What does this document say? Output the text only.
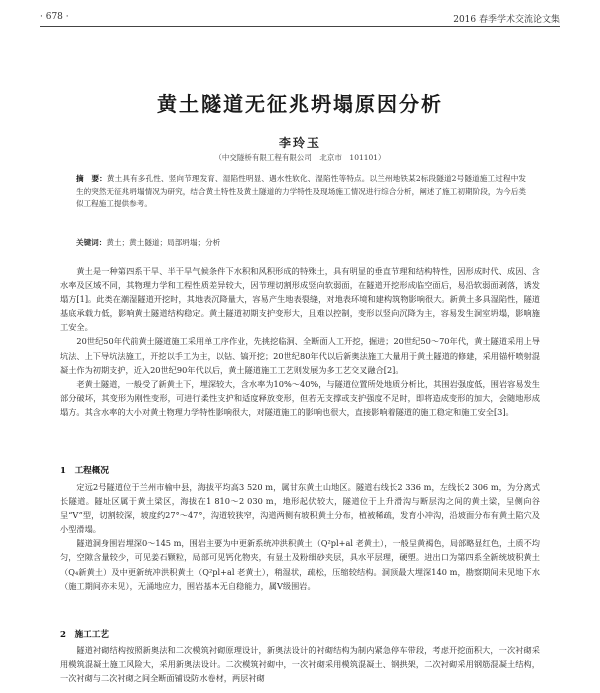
· 678 ·	2016 春季学术交流论文集
黄土隧道无征兆坍塌原因分析
李玲玉
（中交隧桥有限工程有限公司　北京市　101101）
摘　要：黄土具有多孔性、竖向节理发育、湿陷性明显、遇水性软化、湿陷性等特点。以兰州地铁某2标段隧道2号隧道施工过程中发生的突然无征兆坍塌情况为研究，结合黄土特性及黄土隧道的力学特性及现场施工情况进行综合分析，阐述了施工初期阶段，为今后类似工程施工提供参考。
关键词：黄土；黄土隧道；局部坍塌；分析

黄土是一种第四系干旱、半干旱气候条件下水积和风积形成的特殊土，具有明显的垂直节理和结构特性，因形成时代、成因、含水率及区域不同，其物理力学和工程性质差异较大，因节理切割形成竖向软弱面，在隧道开挖形成临空面后，易沿软弱面剥落，诱发塌方[1]。此类在潮湿隧道开挖时，其地表沉降量大，容易产生地表裂缝，对地表环境和建构筑物影响很大。新黄土多具湿陷性，隧道基底承载力低，影响黄土隧道结构稳定。黄土隧道初期支护变形大，且难以控制，变形以竖向沉降为主，容易发生洞室坍塌，影响施工安全。

20世纪50年代前黄土隧道施工采用单工序作业，先挑挖临洞、全断面人工开挖，掘进；20世纪50～70年代，黄土隧道采用上导坑法、上下导坑法施工，开挖以手工为主，以钻、镐开挖；20世纪80年代以后新奥法施工大量用于黄土隧道的修建，采用锚杆喷射混凝土作为初期支护，近入20世纪90年代以后，黄土隧道施工工艺则发展为多工艺交叉融合[2]。

老黄土隧道，一般受了新黄土下，埋深较大，含水率为10%～40%，与隧道位置所处地质分析比，其围岩强度低，围岩容易发生部分破坏，其变形为刚性变形，可进行柔性支护和适度释放变形，但若无支撑或支护强度不足时，即将造成变形的加大，会随地形成塌方。其含水率的大小对黄土物理力学特性影响很大，对隧道施工的影响也很大，直接影响着隧道的施工稳定和施工安全[3]。

1　工程概况

定远2号隧道位于兰州市榆中县，海拔平均高3 520 m，属甘东黄土山地区。隧道右线长2 336 m，左线长2 306 m，为分离式长隧道。隧址区属于黄土梁区，海拔在1 810～2 030 m，地形起伏较大，隧道位于上升滑沟与断层沟之间的黄土梁，呈侧向谷呈“V”型，切割较深，坡度约27°～47°，沟道较狭窄，沟道两侧有坡积黄土分布，植被稀疏，发育小冲沟，沿坡面分布有黄土陷穴及小型滑塌。

隧道洞身围岩埋深0～145 m，围岩主要为中更新系统冲洪积黄土（Q²pl+al 老黄土），一般呈黄褐色，局部略显红色，土质不均匀，空隙含量较少，可见姜石颗粒，局部可见钙化物夹，有显土及粉细砂夹层，具水平层理，硬塑。进出口为第四系全新统坡积黄土（Q₄新黄土）及中更新统冲洪积黄土（Q²pl+al 老黄土），稍湿状，疏松，压缩较结构。洞顶最大埋深140 m，勘察期间未见地下水（施工期间亦未见），无涌地应力，围岩基本无自稳能力，属V级围岩。

2　施工工艺

隧道衬砌结构按照新奥法和二次模筑衬砌原理设计，新奥法设计的衬砌结构为制内紧急停车带段，考虑开挖面积大，一次衬砌采用模筑混凝土施工风险大，采用新奥法设计。二次模筑衬砌中，一次衬砌采用模筑混凝土、钢拱架，二次衬砌采用钢筋混凝土结构，一次衬砌与二次衬砌之间全断面铺设防水卷材，两层衬砌
